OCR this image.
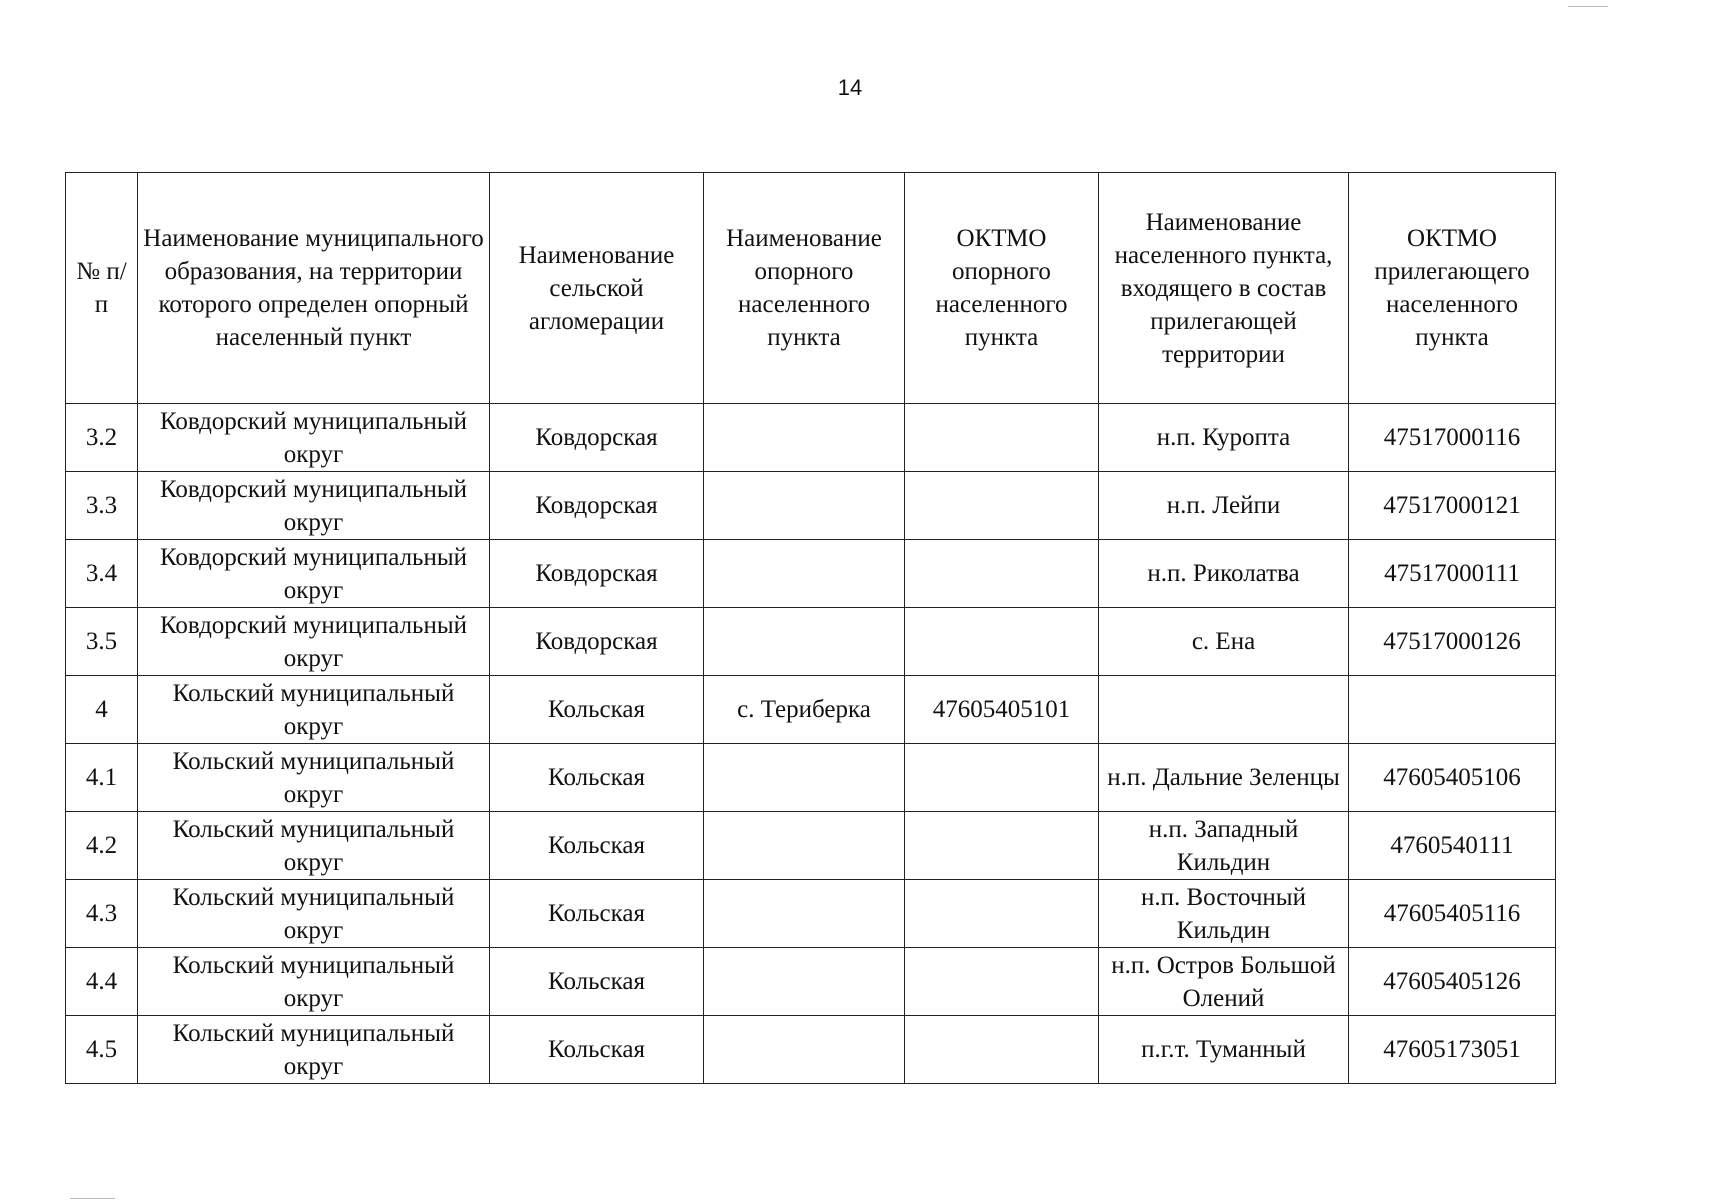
14
№ п/п	Наименование муниципального образования, на территории которого определен опорный населенный пункт	Наименование сельской агломерации	Наименование опорного населенного пункта	ОКТМО опорного населенного пункта	Наименование населенного пункта, входящего в состав прилегающей территории	ОКТМО прилегающего населенного пункта
3.2	Ковдорский муниципальный округ	Ковдорская			н.п. Куропта	47517000116
3.3	Ковдорский муниципальный округ	Ковдорская			н.п. Лейпи	47517000121
3.4	Ковдорский муниципальный округ	Ковдорская			н.п. Риколатва	47517000111
3.5	Ковдорский муниципальный округ	Ковдорская			с. Ена	47517000126
4	Кольский муниципальный округ	Кольская	с. Териберка	47605405101		
4.1	Кольский муниципальный округ	Кольская			н.п. Дальние Зеленцы	47605405106
4.2	Кольский муниципальный округ	Кольская			н.п. Западный Кильдин	4760540111
4.3	Кольский муниципальный округ	Кольская			н.п. Восточный Кильдин	47605405116
4.4	Кольский муниципальный округ	Кольская			н.п. Остров Большой Олений	47605405126
4.5	Кольский муниципальный округ	Кольская			п.г.т. Туманный	47605173051
